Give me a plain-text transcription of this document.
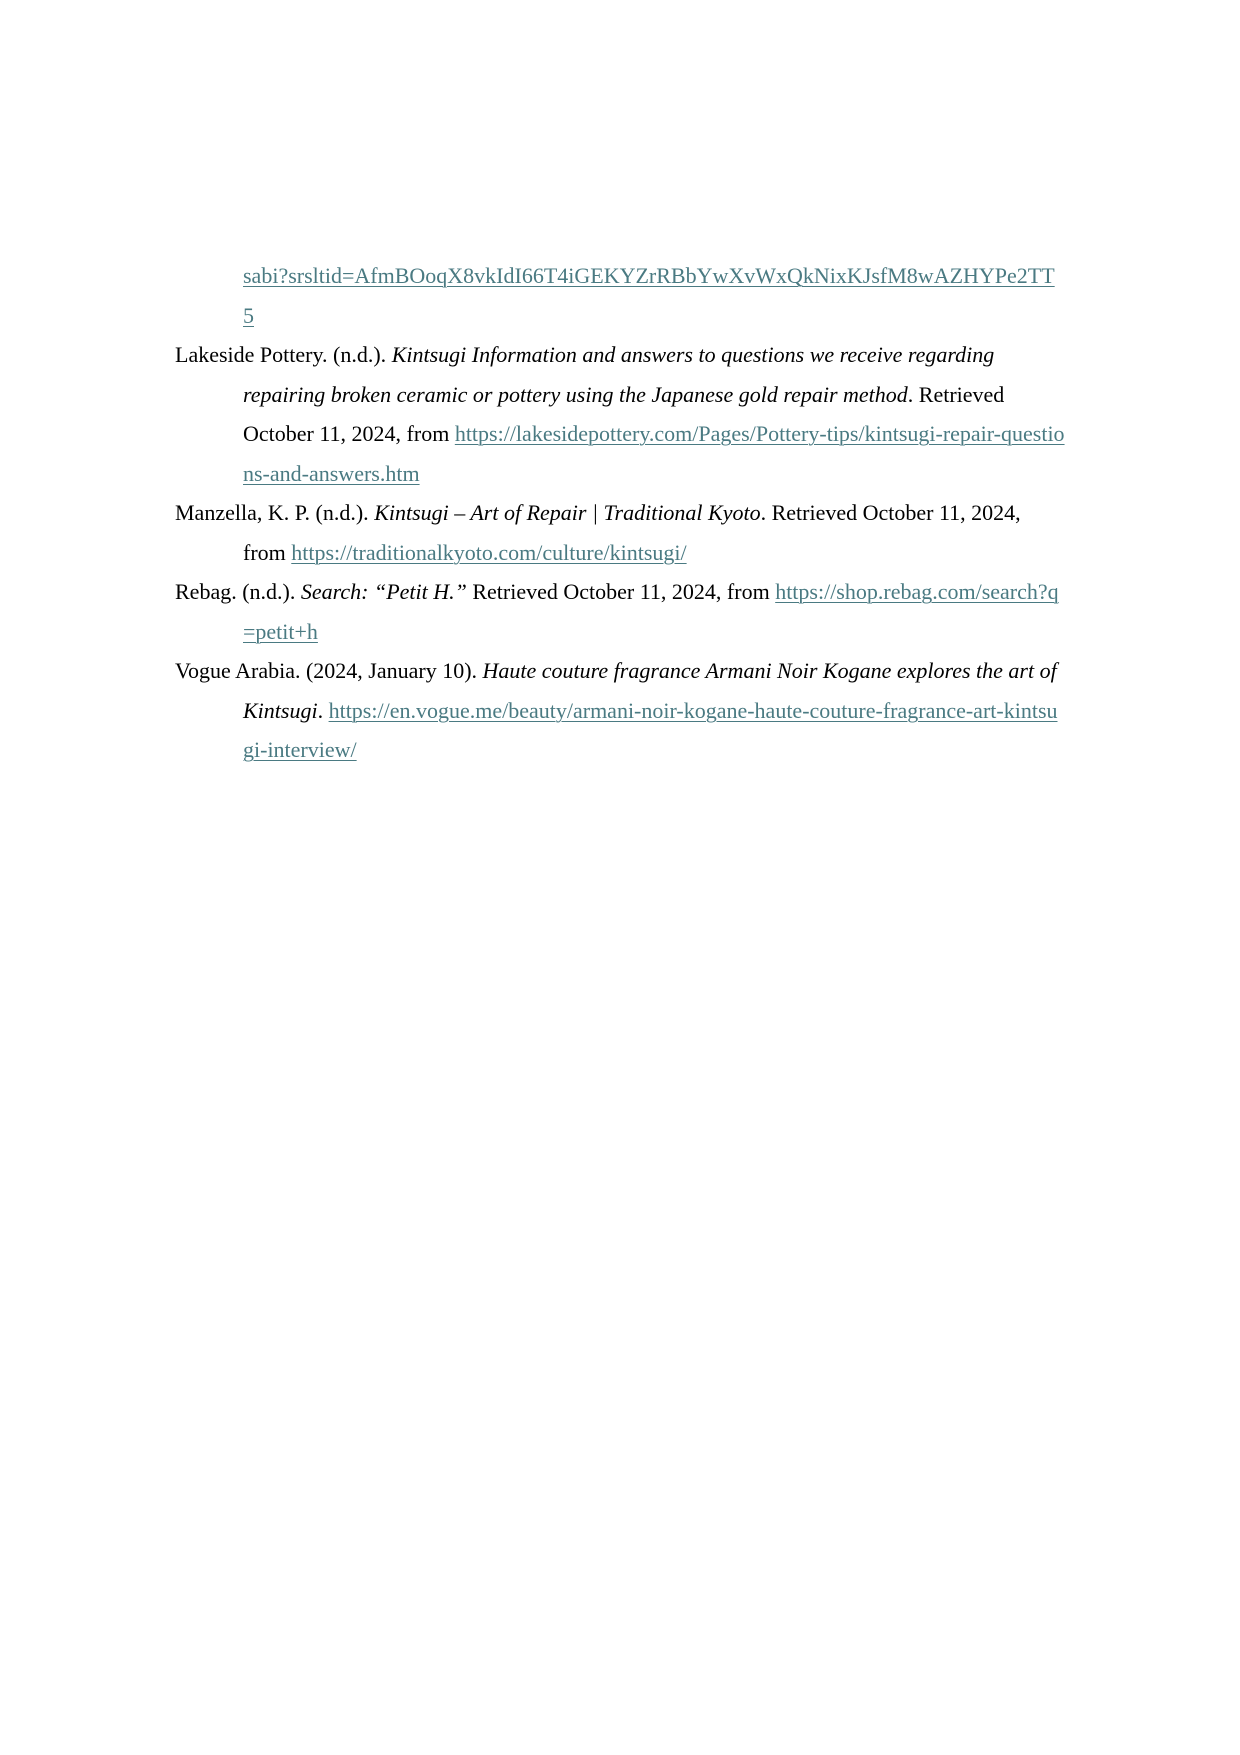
sabi?srsltid=AfmBOoqX8vkIdI66T4iGEKYZrRBbYwXvWxQkNixKJsfM8wAZHYPe2TT5

Lakeside Pottery. (n.d.). Kintsugi Information and answers to questions we receive regarding repairing broken ceramic or pottery using the Japanese gold repair method. Retrieved October 11, 2024, from https://lakesidepottery.com/Pages/Pottery-tips/kintsugi-repair-questions-and-answers.htm

Manzella, K. P. (n.d.). Kintsugi – Art of Repair | Traditional Kyoto. Retrieved October 11, 2024, from https://traditionalkyoto.com/culture/kintsugi/

Rebag. (n.d.). Search: “Petit H.” Retrieved October 11, 2024, from https://shop.rebag.com/search?q=petit+h

Vogue Arabia. (2024, January 10). Haute couture fragrance Armani Noir Kogane explores the art of Kintsugi. https://en.vogue.me/beauty/armani-noir-kogane-haute-couture-fragrance-art-kintsugi-interview/
